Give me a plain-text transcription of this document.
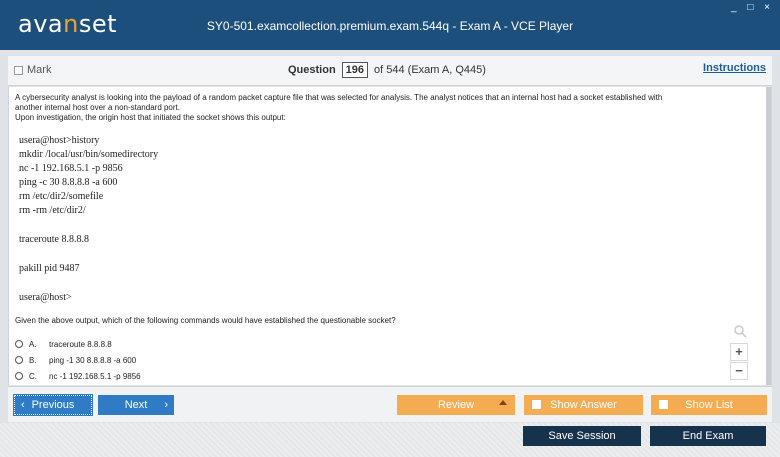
avanset	SY0-501.examcollection.premium.exam.544q - Exam A - VCE Player
_ □ ×
Mark	Question 196 of 544 (Exam A, Q445)	Instructions
A cybersecurity analyst is looking into the payload of a random packet capture file that was selected for analysis. The analyst notices that an internal host had a socket established with
another internal host over a non-standard port.
Upon investigation, the origin host that initiated the socket shows this output:
usera@host>history
mkdir /local/usr/bin/somedirectory
nc -1 192.168.5.1 -p 9856
ping -c 30 8.8.8.8 -a 600
rm /etc/dir2/somefile
rm -rm /etc/dir2/
traceroute 8.8.8.8
pakill pid 9487
usera@host>
Given the above output, which of the following commands would have established the questionable socket?
A.	traceroute 8.8.8.8
B.	ping -1 30 8.8.8.8 -a 600
C.	nc -1 192.168.5.1 -p 9856
+
−
‹ Previous	Next ›	Review	Show Answer	Show List
Save Session	End Exam
